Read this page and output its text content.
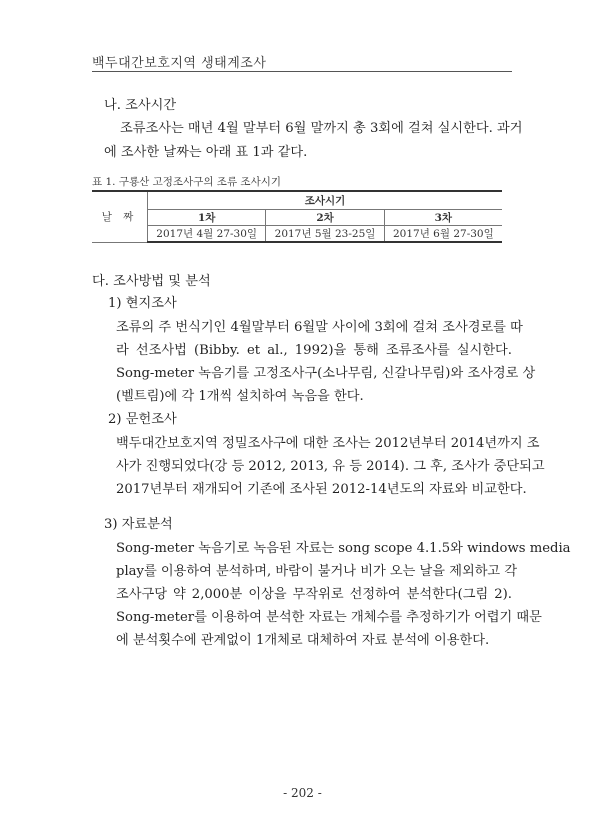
백두대간보호지역 생태계조사
나. 조사시간
조류조사는 매년 4월 말부터 6월 말까지 총 3회에 걸쳐 실시한다. 과거
에 조사한 날짜는 아래 표 1과 같다.
표 1. 구룡산 고정조사구의 조류 조사시기
날 짜	조사시기		
	1차	2차	3차
	2017년 4월 27-30일	2017년 5월 23-25일	2017년 6월 27-30일
다. 조사방법 및 분석
1) 현지조사
조류의 주 번식기인 4월말부터 6월말 사이에 3회에 걸쳐 조사경로를 따
라 선조사법 (Bibby. et al., 1992)을 통해 조류조사를 실시한다.
Song-meter 녹음기를 고정조사구(소나무림, 신갈나무림)와 조사경로 상
(벨트림)에 각 1개씩 설치하여 녹음을 한다.
2) 문헌조사
백두대간보호지역 정밀조사구에 대한 조사는 2012년부터 2014년까지 조
사가 진행되었다(강 등 2012, 2013, 유 등 2014). 그 후, 조사가 중단되고
2017년부터 재개되어 기존에 조사된 2012-14년도의 자료와 비교한다.
3) 자료분석
Song-meter 녹음기로 녹음된 자료는 song scope 4.1.5와 windows media
play를 이용하여 분석하며, 바람이 불거나 비가 오는 날을 제외하고 각
조사구당 약 2,000분 이상을 무작위로 선정하여 분석한다(그림 2).
Song-meter를 이용하여 분석한 자료는 개체수를 추정하기가 어렵기 때문
에 분석횟수에 관계없이 1개체로 대체하여 자료 분석에 이용한다.
- 202 -
